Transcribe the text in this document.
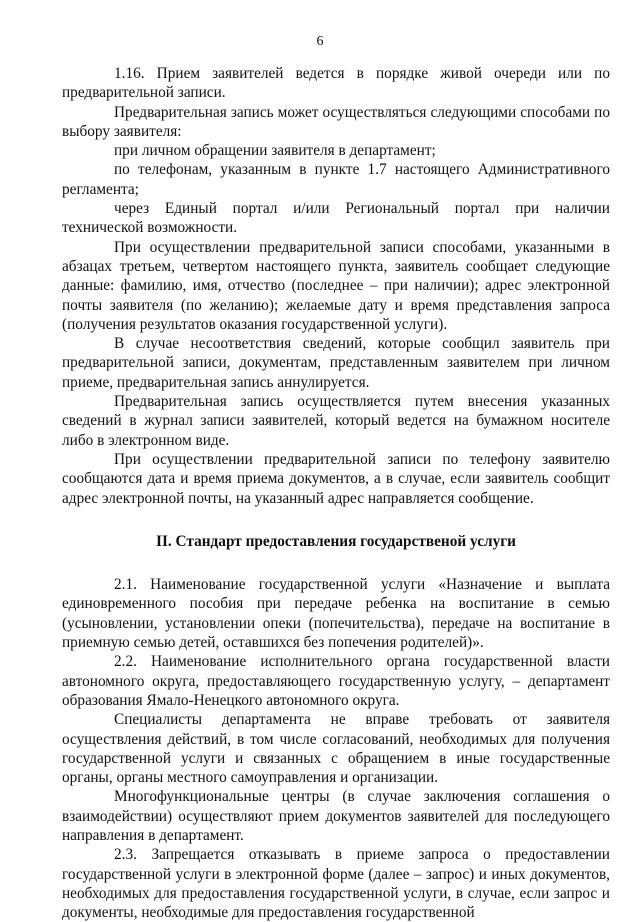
6

1.16. Прием заявителей ведется в порядке живой очереди или по предварительной записи.

Предварительная запись может осуществляться следующими способами по выбору заявителя:

при личном обращении заявителя в департамент;

по телефонам, указанным в пункте 1.7 настоящего Административного регламента;

через Единый портал и/или Региональный портал при наличии технической возможности.

При осуществлении предварительной записи способами, указанными в абзацах третьем, четвертом настоящего пункта, заявитель сообщает следующие данные: фамилию, имя, отчество (последнее – при наличии); адрес электронной почты заявителя (по желанию); желаемые дату и время представления запроса (получения результатов оказания государственной услуги).

В случае несоответствия сведений, которые сообщил заявитель при предварительной записи, документам, представленным заявителем при личном приеме, предварительная запись аннулируется.

Предварительная запись осуществляется путем внесения указанных сведений в журнал записи заявителей, который ведется на бумажном носителе либо в электронном виде.

При осуществлении предварительной записи по телефону заявителю сообщаются дата и время приема документов, а в случае, если заявитель сообщит адрес электронной почты, на указанный адрес направляется сообщение.

II. Стандарт предоставления государственой услуги

2.1. Наименование государственной услуги «Назначение и выплата единовременного пособия при передаче ребенка на воспитание в семью (усыновлении, установлении опеки (попечительства), передаче на воспитание в приемную семью детей, оставшихся без попечения родителей)».

2.2. Наименование исполнительного органа государственной власти автономного округа, предоставляющего государственную услугу, – департамент образования Ямало-Ненецкого автономного округа.

Специалисты департамента не вправе требовать от заявителя осуществления действий, в том числе согласований, необходимых для получения государственной услуги и связанных с обращением в иные государственные органы, органы местного самоуправления и организации.

Многофункциональные центры (в случае заключения соглашения о взаимодействии) осуществляют прием документов заявителей для последующего направления в департамент.

2.3. Запрещается отказывать в приеме запроса о предоставлении государственной услуги в электронной форме (далее – запрос) и иных документов, необходимых для предоставления государственной услуги, в случае, если запрос и документы, необходимые для предоставления государственной
